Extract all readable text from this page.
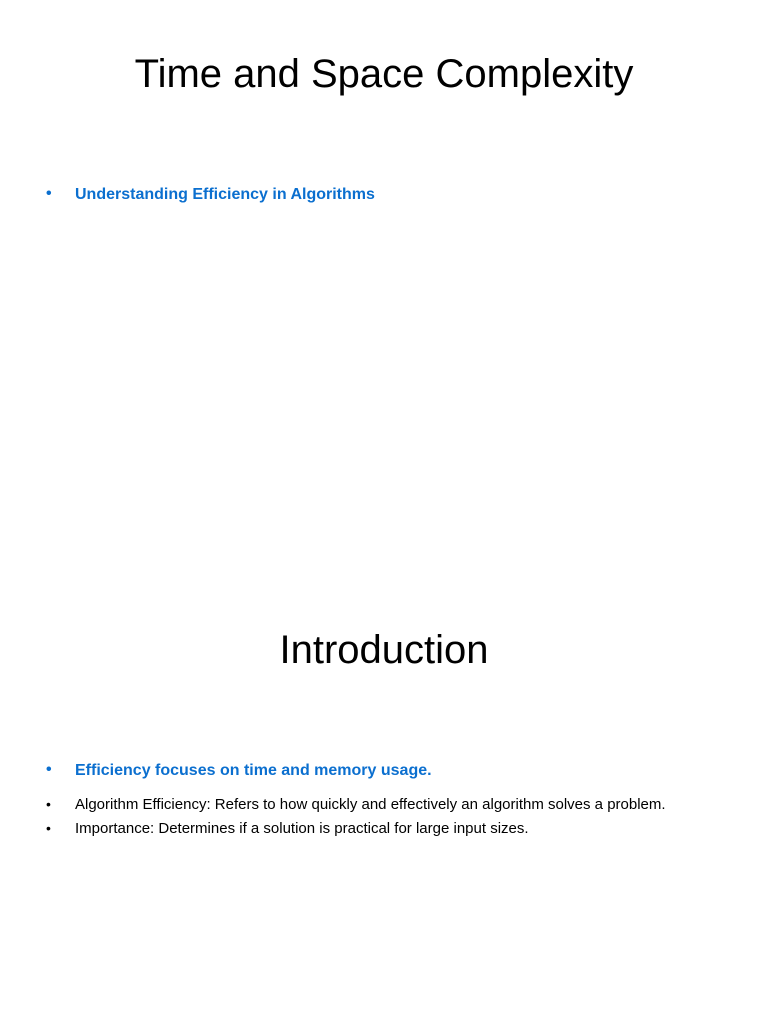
Time and Space Complexity
• Understanding Efficiency in Algorithms
Introduction
• Efficiency focuses on time and memory usage.
• Algorithm Efficiency: Refers to how quickly and effectively an algorithm solves a problem.
• Importance: Determines if a solution is practical for large input sizes.
